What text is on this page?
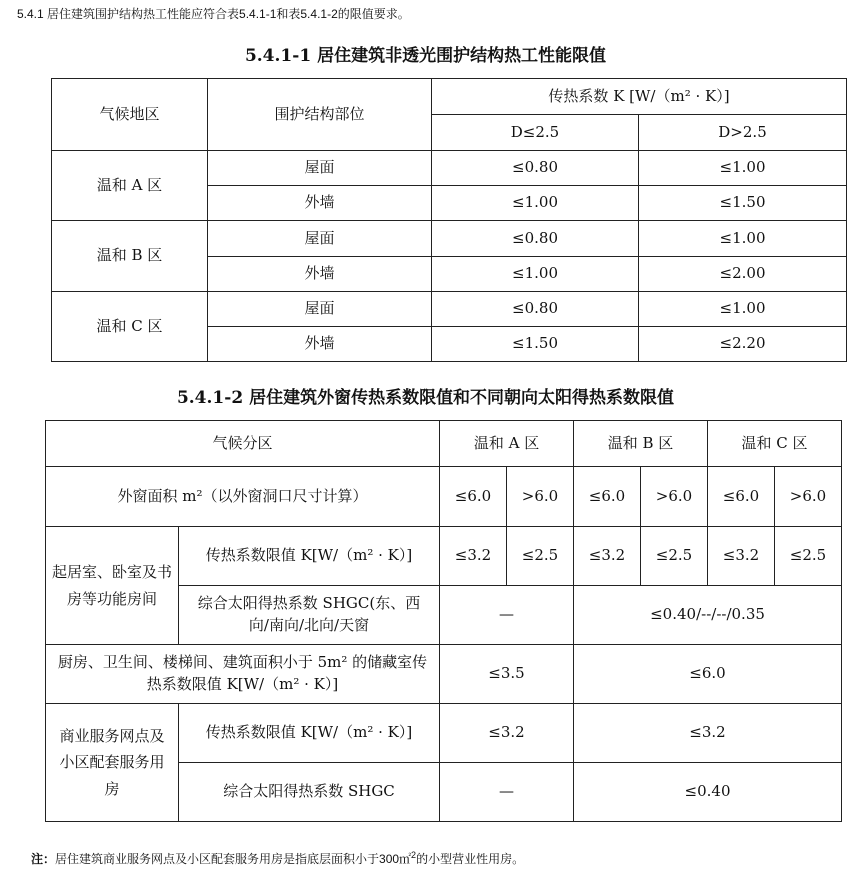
5.4.1 居住建筑围护结构热工性能应符合表5.4.1-1和表5.4.1-2的限值要求。
5.4.1-1 居住建筑非透光围护结构热工性能限值
气候地区	围护结构部位	传热系数 K [W/（m² · K）]	
		D≤2.5	D>2.5
温和 A 区	屋面	≤0.80	≤1.00
	外墙	≤1.00	≤1.50
温和 B 区	屋面	≤0.80	≤1.00
	外墙	≤1.00	≤2.00
温和 C 区	屋面	≤0.80	≤1.00
	外墙	≤1.50	≤2.20
5.4.1-2 居住建筑外窗传热系数限值和不同朝向太阳得热系数限值
气候分区		温和 A 区		温和 B 区		温和 C 区	
外窗面积 m²（以外窗洞口尺寸计算）		≤6.0	>6.0	≤6.0	>6.0	≤6.0	>6.0
起居室、卧室及书房等功能房间	传热系数限值 K[W/（m² · K）]	≤3.2	≤2.5	≤3.2	≤2.5	≤3.2	≤2.5
	综合太阳得热系数 SHGC(东、西向/南向/北向/天窗	—		≤0.40/--/--/0.35			
厨房、卫生间、楼梯间、建筑面积小于 5m² 的储藏室传热系数限值 K[W/（m² · K）]		≤3.5		≤6.0			
商业服务网点及小区配套服务用房	传热系数限值 K[W/（m² · K）]	≤3.2		≤3.2			
	综合太阳得热系数 SHGC	—		≤0.40			
注：居住建筑商业服务网点及小区配套服务用房是指底层面积小于300㎡$^2$的小型营业性用房。
